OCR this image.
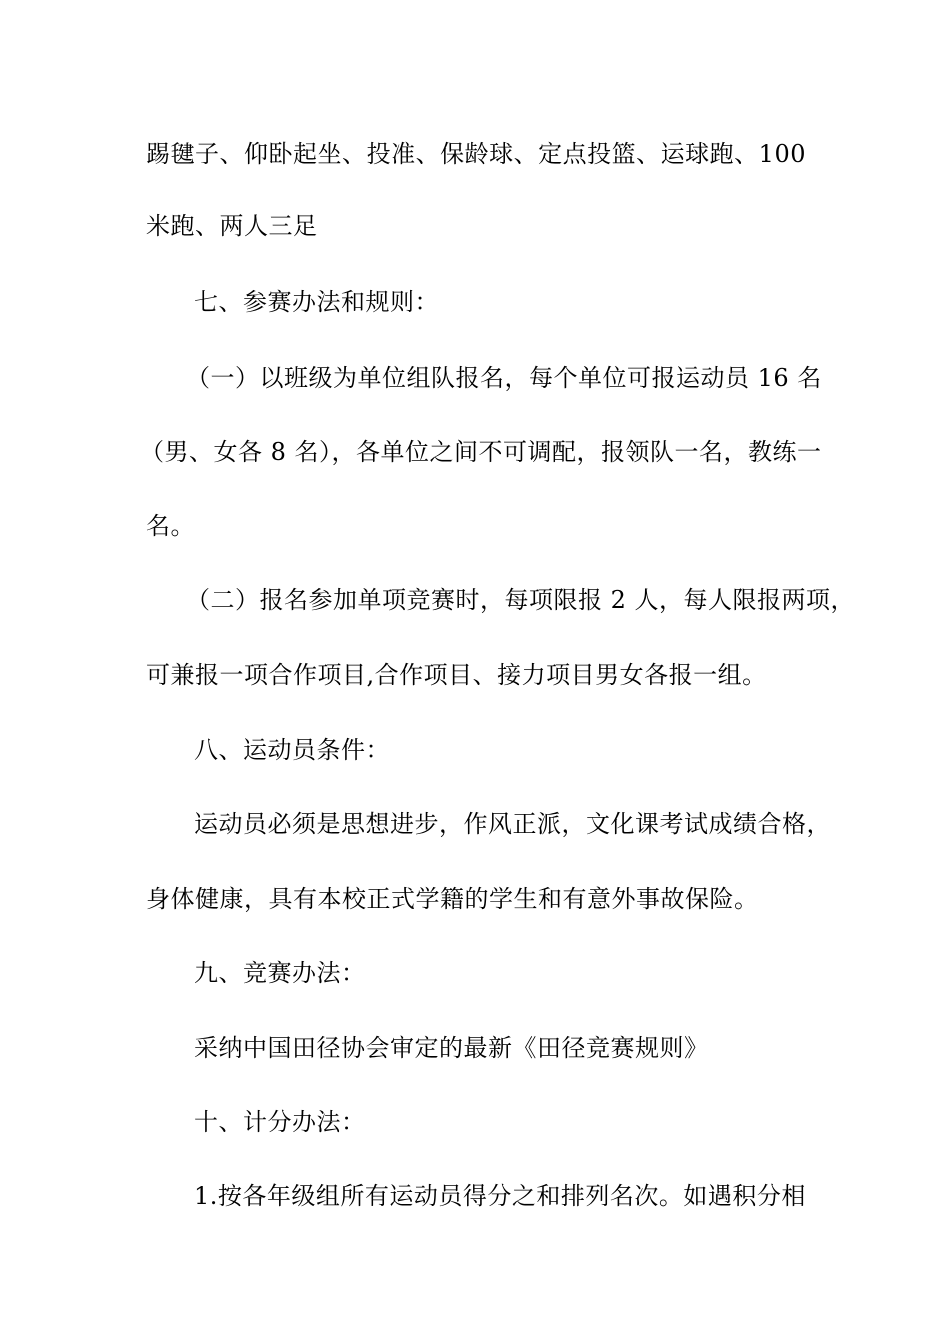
踢毽子、仰卧起坐、投准、保龄球、定点投篮、运球跑、100
米跑、两人三足
七、参赛办法和规则：
（一）以班级为单位组队报名，每个单位可报运动员 16 名
（男、女各 8 名），各单位之间不可调配，报领队一名，教练一
名。
（二）报名参加单项竞赛时，每项限报 2 人，每人限报两项，
可兼报一项合作项目,合作项目、接力项目男女各报一组。
八、运动员条件：
运动员必须是思想进步，作风正派，文化课考试成绩合格，
身体健康，具有本校正式学籍的学生和有意外事故保险。
九、竞赛办法：
采纳中国田径协会审定的最新《田径竞赛规则》
十、计分办法：
1.按各年级组所有运动员得分之和排列名次。如遇积分相
